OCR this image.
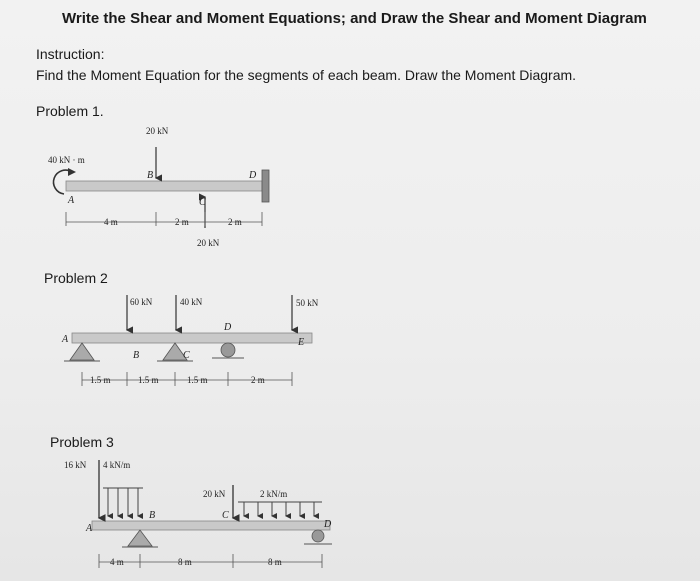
Write the Shear and Moment Equations; and Draw the Shear and Moment Diagram
Instruction:
Find the Moment Equation for the segments of each beam. Draw the Moment Diagram.
Problem 1.
Problem 2
Problem 3
40 kN · m
20 kN
20 kN
A
B
C
D
4 m	2 m	2 m
60 kN	40 kN	50 kN
A
B	C
D
E
1.5 m	1.5 m	1.5 m	2 m
16 kN 4 kN/m
20 kN	2 kN/m
A
B	C
D
4 m	8 m	8 m
